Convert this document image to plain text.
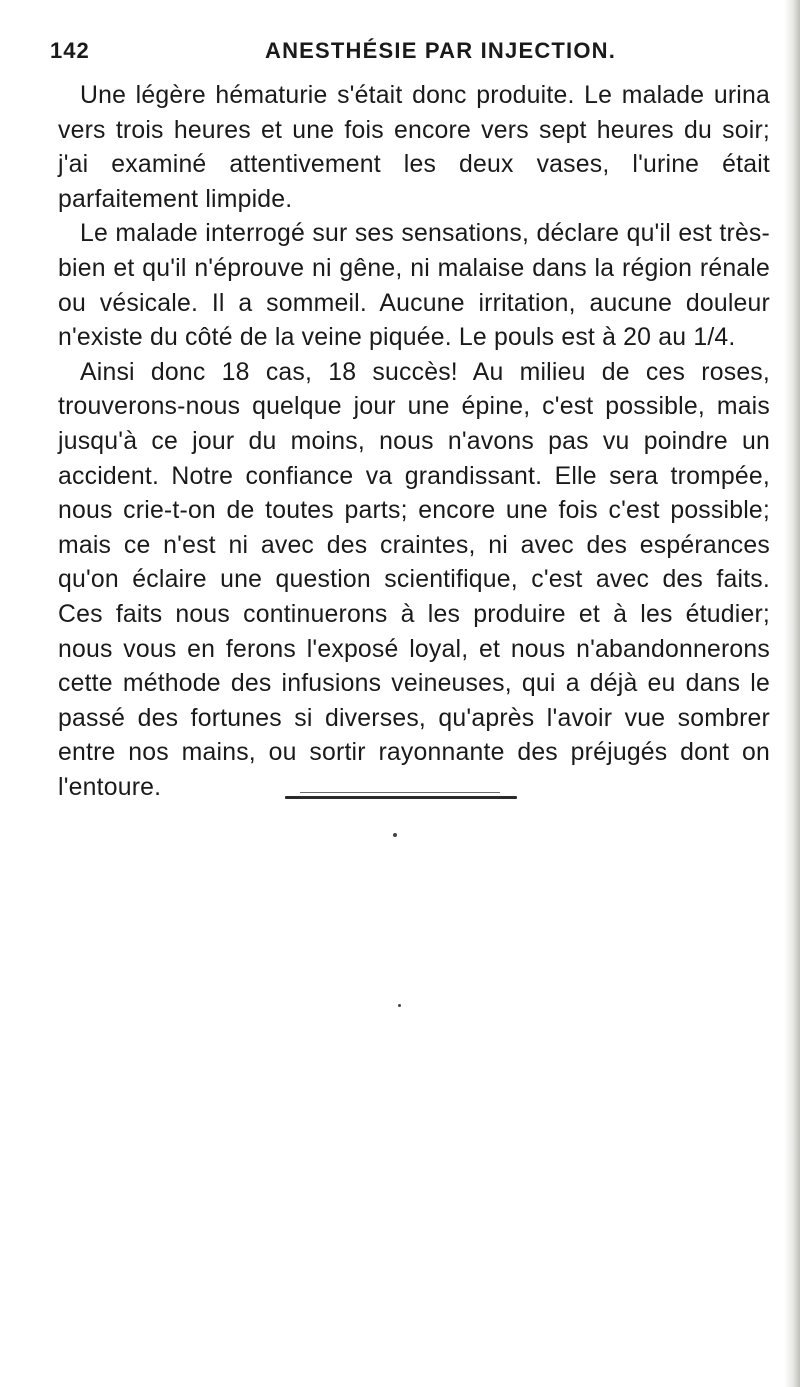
142	ANESTHÉSIE PAR INJECTION.

Une légère hématurie s'était donc produite. Le malade urina vers trois heures et une fois encore vers sept heures du soir; j'ai examiné attentivement les deux vases, l'urine était parfaitement limpide.

Le malade interrogé sur ses sensations, déclare qu'il est très-bien et qu'il n'éprouve ni gêne, ni malaise dans la région rénale ou vésicale. Il a sommeil. Aucune irritation, aucune douleur n'existe du côté de la veine piquée. Le pouls est à 20 au 1/4.

Ainsi donc 18 cas, 18 succès! Au milieu de ces roses, trouverons-nous quelque jour une épine, c'est possible, mais jusqu'à ce jour du moins, nous n'avons pas vu poindre un accident. Notre confiance va grandissant. Elle sera trompée, nous crie-t-on de toutes parts; encore une fois c'est possible; mais ce n'est ni avec des craintes, ni avec des espérances qu'on éclaire une question scientifique, c'est avec des faits. Ces faits nous continuerons à les produire et à les étudier; nous vous en ferons l'exposé loyal, et nous n'abandonnerons cette méthode des infusions veineuses, qui a déjà eu dans le passé des fortunes si diverses, qu'après l'avoir vue sombrer entre nos mains, ou sortir rayonnante des préjugés dont on l'entoure.
